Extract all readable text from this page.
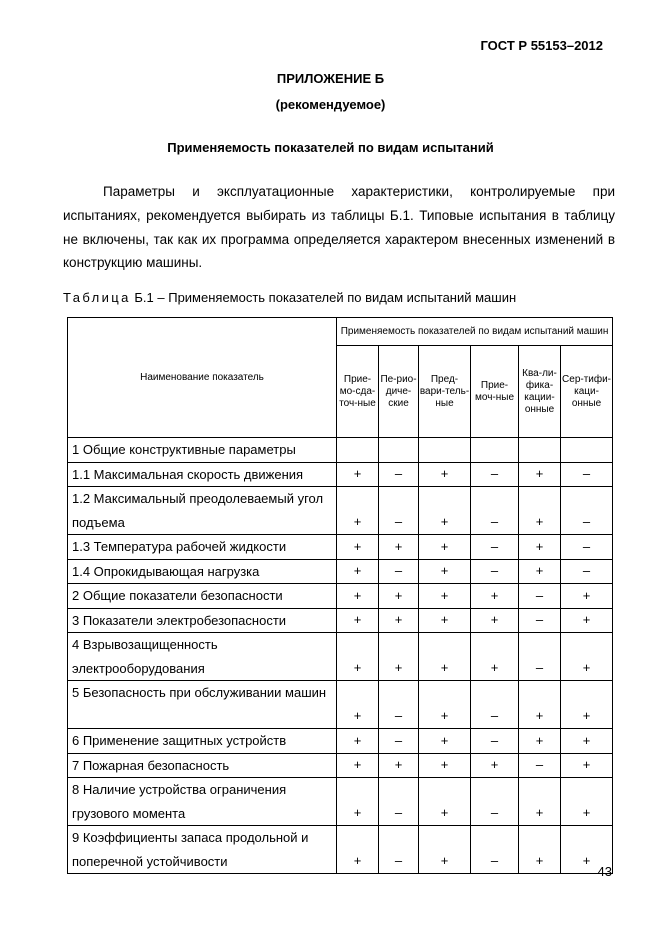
ГОСТ Р 55153–2012
ПРИЛОЖЕНИЕ Б
(рекомендуемое)
Применяемость показателей по видам испытаний

Параметры и эксплуатационные характеристики, контролируемые при испытаниях, рекомендуется выбирать из таблицы Б.1. Типовые испытания в таблицу не включены, так как их программа определяется характером внесенных изменений в конструкцию машины.

Таблица Б.1 – Применяемость показателей по видам испытаний машин

Наименование показатель	Применяемость показателей по видам испытаний машин					
	Прие-мо-сда-точ-ные	Пе-рио-диче-ские	Пред-вари-тель-ные	Прие-моч-ные	Ква-ли-фика-кации-онные	Сер-тифи-каци-онные
1 Общие конструктивные параметры						
1.1 Максимальная скорость движения	+	–	+	–	+	–
1.2 Максимальный преодолеваемый угол подъема	+	–	+	–	+	–
1.3 Температура рабочей жидкости	+	+	+	–	+	–
1.4 Опрокидывающая нагрузка	+	–	+	–	+	–
2 Общие показатели безопасности	+	+	+	+	–	+
3 Показатели электробезопасности	+	+	+	+	–	+
4 Взрывозащищенность электрооборудования	+	+	+	+	–	+
5 Безопасность при обслуживании машин	+	–	+	–	+	+
6 Применение защитных устройств	+	–	+	–	+	+
7 Пожарная безопасность	+	+	+	+	–	+
8 Наличие устройства ограничения грузового момента	+	–	+	–	+	+
9 Коэффициенты запаса продольной и поперечной устойчивости	+	–	+	–	+	+
43
